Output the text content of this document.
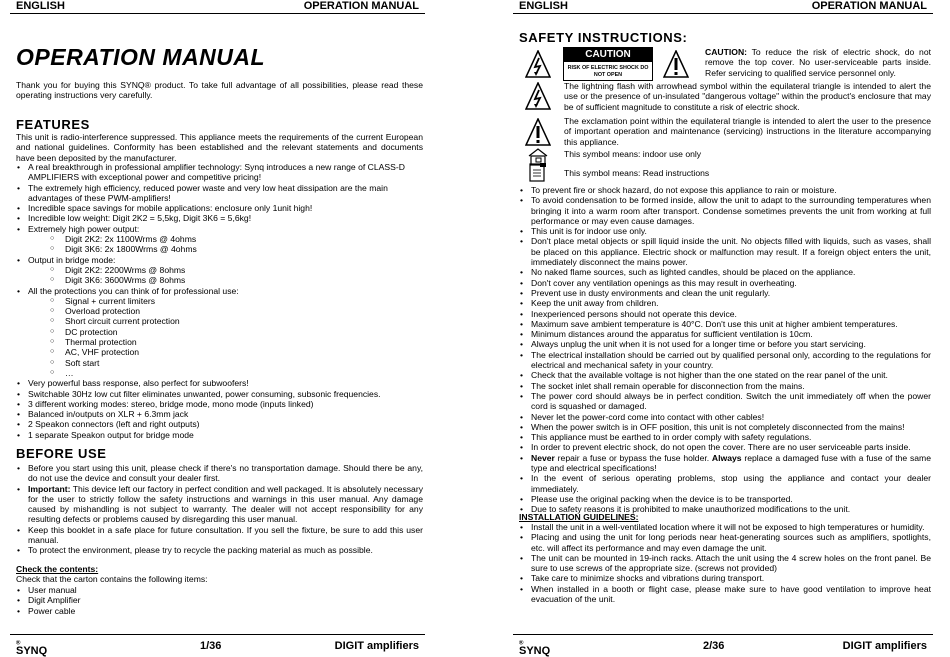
ENGLISH	OPERATION MANUAL
OPERATION MANUAL
Thank you for buying this SYNQ® product. To take full advantage of all possibilities, please read these operating instructions very carefully.
FEATURES
This unit is radio-interference suppressed. This appliance meets the requirements of the current European and national guidelines. Conformity has been established and the relevant statements and documents have been deposited by the manufacturer.
• A real breakthrough in professional amplifier technology: Synq introduces a new range of CLASS-D AMPLIFIERS with exceptional power and competitive pricing!
• The extremely high efficiency, reduced power waste and very low heat dissipation are the main advantages of these PWM-amplifiers!
• Incredible space savings for mobile applications: enclosure only 1unit high!
• Incredible low weight: Digit 2K2 = 5,5kg, Digit 3K6 = 5,6kg!
• Extremely high power output:
○ Digit 2K2: 2x 1100Wrms @ 4ohms
○ Digit 3K6: 2x 1800Wrms @ 4ohms
• Output in bridge mode:
○ Digit 2K2: 2200Wrms @ 8ohms
○ Digit 3K6: 3600Wrms @ 8ohms
• All the protections you can think of for professional use:
○ Signal + current limiters
○ Overload protection
○ Short circuit current protection
○ DC protection
○ Thermal protection
○ AC, VHF protection
○ Soft start
○ …
• Very powerful bass response, also perfect for subwoofers!
• Switchable 30Hz low cut filter eliminates unwanted, power consuming, subsonic frequencies.
• 3 different working modes: stereo, bridge mode, mono mode (inputs linked)
• Balanced in/outputs on XLR + 6.3mm jack
• 2 Speakon connectors (left and right outputs)
• 1 separate Speakon output for bridge mode
BEFORE USE
• Before you start using this unit, please check if there's no transportation damage. Should there be any, do not use the device and consult your dealer first.
• Important: This device left our factory in perfect condition and well packaged. It is absolutely necessary for the user to strictly follow the safety instructions and warnings in this user manual. Any damage caused by mishandling is not subject to warranty. The dealer will not accept responsibility for any resulting defects or problems caused by disregarding this user manual.
• Keep this booklet in a safe place for future consultation. If you sell the fixture, be sure to add this user manual.
• To protect the environment, please try to recycle the packing material as much as possible.
Check the contents:
Check that the carton contains the following items:
• User manual
• Digit Amplifier
• Power cable
SYNQ
®	1/36	DIGIT amplifiers
ENGLISH	OPERATION MANUAL
SAFETY INSTRUCTIONS:
CAUTION
RISK OF ELECTRIC SHOCK DO NOT OPEN
CAUTION: To reduce the risk of electric shock, do not remove the top cover. No user-serviceable parts inside. Refer servicing to qualified service personnel only.
The lightning flash with arrowhead symbol within the equilateral triangle is intended to alert the use or the presence of un-insulated "dangerous voltage" within the product's enclosure that may be of sufficient magnitude to constitute a risk of electric shock.
The exclamation point within the equilateral triangle is intended to alert the user to the presence of important operation and maintenance (servicing) instructions in the literature accompanying this appliance.
This symbol means: indoor use only
This symbol means: Read instructions
• To prevent fire or shock hazard, do not expose this appliance to rain or moisture.
• To avoid condensation to be formed inside, allow the unit to adapt to the surrounding temperatures when bringing it into a warm room after transport. Condense sometimes prevents the unit from working at full performance or may even cause damages.
• This unit is for indoor use only.
• Don't place metal objects or spill liquid inside the unit. No objects filled with liquids, such as vases, shall be placed on this appliance. Electric shock or malfunction may result. If a foreign object enters the unit, immediately disconnect the mains power.
• No naked flame sources, such as lighted candles, should be placed on the appliance.
• Don't cover any ventilation openings as this may result in overheating.
• Prevent use in dusty environments and clean the unit regularly.
• Keep the unit away from children.
• Inexperienced persons should not operate this device.
• Maximum save ambient temperature is 40°C. Don't use this unit at higher ambient temperatures.
• Minimum distances around the apparatus for sufficient ventilation is 10cm.
• Always unplug the unit when it is not used for a longer time or before you start servicing.
• The electrical installation should be carried out by qualified personal only, according to the regulations for electrical and mechanical safety in your country.
• Check that the available voltage is not higher than the one stated on the rear panel of the unit.
• The socket inlet shall remain operable for disconnection from the mains.
• The power cord should always be in perfect condition. Switch the unit immediately off when the power cord is squashed or damaged.
• Never let the power-cord come into contact with other cables!
• When the power switch is in OFF position, this unit is not completely disconnected from the mains!
• This appliance must be earthed to in order comply with safety regulations.
• In order to prevent electric shock, do not open the cover. There are no user serviceable parts inside.
• Never repair a fuse or bypass the fuse holder. Always replace a damaged fuse with a fuse of the same type and electrical specifications!
• In the event of serious operating problems, stop using the appliance and contact your dealer immediately.
• Please use the original packing when the device is to be transported.
• Due to safety reasons it is prohibited to make unauthorized modifications to the unit.
INSTALLATION GUIDELINES:
• Install the unit in a well-ventilated location where it will not be exposed to high temperatures or humidity.
• Placing and using the unit for long periods near heat-generating sources such as amplifiers, spotlights, etc. will affect its performance and may even damage the unit.
• The unit can be mounted in 19-inch racks. Attach the unit using the 4 screw holes on the front panel. Be sure to use screws of the appropriate size. (screws not provided)
• Take care to minimize shocks and vibrations during transport.
• When installed in a booth or flight case, please make sure to have good ventilation to improve heat evacuation of the unit.
SYNQ
®	2/36	DIGIT amplifiers
